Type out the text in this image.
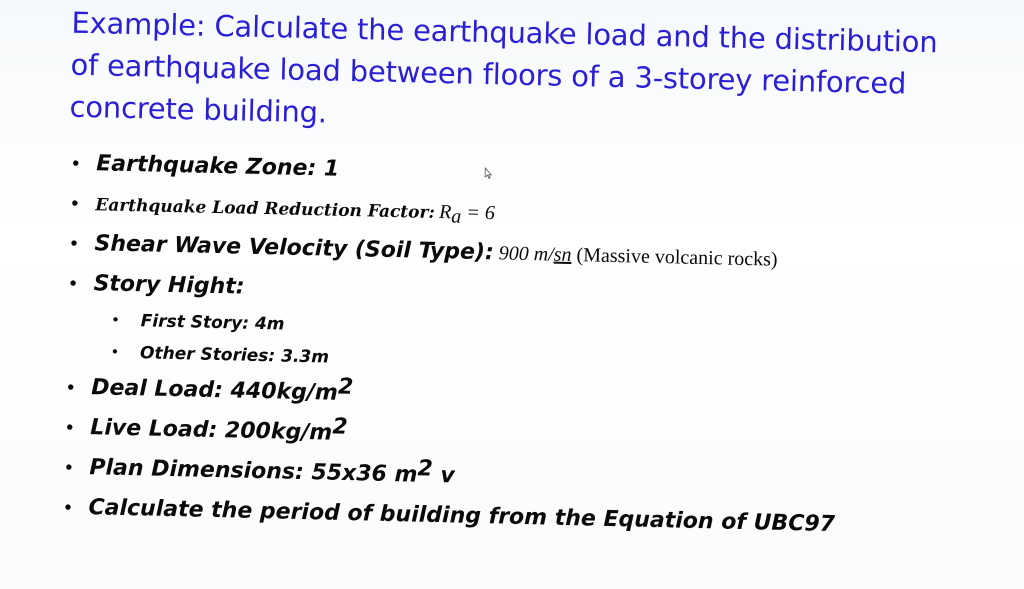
Example: Calculate the earthquake load and the distribution of earthquake load between floors of a 3-storey reinforced concrete building.
• Earthquake Zone: 1
• Earthquake Load Reduction Factor: $R_a = 6$
• Shear Wave Velocity (Soil Type): 900 m/sn (Massive volcanic rocks)
• Story Hight:
• First Story: 4m
• Other Stories: 3.3m
• Deal Load: $440kg/m^2$
• Live Load: $200kg/m^2$
• Plan Dimensions: 55x36 $m^2$ v
• Calculate the period of building from the Equation of UBC97
